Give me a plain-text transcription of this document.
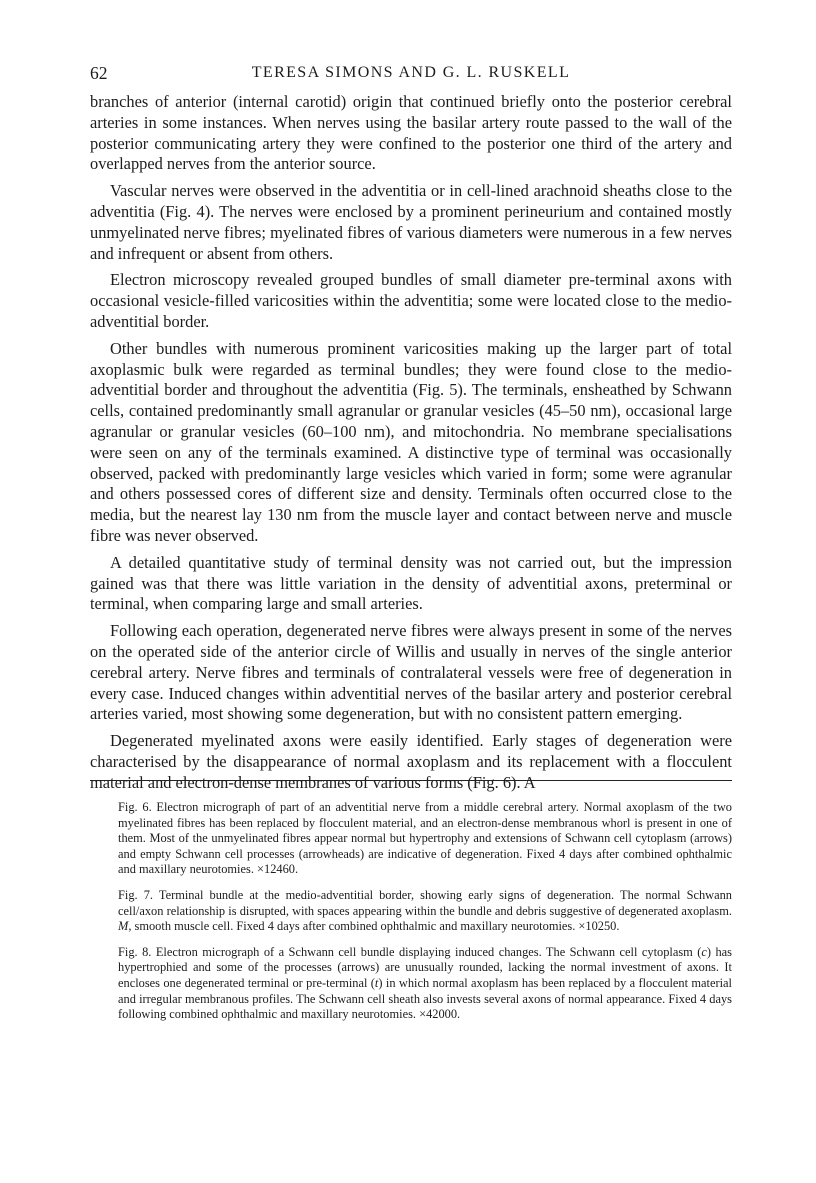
62	TERESA SIMONS AND G. L. RUSKELL

branches of anterior (internal carotid) origin that continued briefly onto the posterior cerebral arteries in some instances. When nerves using the basilar artery route passed to the wall of the posterior communicating artery they were confined to the posterior one third of the artery and overlapped nerves from the anterior source.

Vascular nerves were observed in the adventitia or in cell-lined arachnoid sheaths close to the adventitia (Fig. 4). The nerves were enclosed by a prominent perineurium and contained mostly unmyelinated nerve fibres; myelinated fibres of various diameters were numerous in a few nerves and infrequent or absent from others.

Electron microscopy revealed grouped bundles of small diameter pre-terminal axons with occasional vesicle-filled varicosities within the adventitia; some were located close to the medio-adventitial border.

Other bundles with numerous prominent varicosities making up the larger part of total axoplasmic bulk were regarded as terminal bundles; they were found close to the medio-adventitial border and throughout the adventitia (Fig. 5). The terminals, ensheathed by Schwann cells, contained predominantly small agranular or granular vesicles (45–50 nm), occasional large agranular or granular vesicles (60–100 nm), and mitochondria. No membrane specialisations were seen on any of the terminals examined. A distinctive type of terminal was occasionally observed, packed with predominantly large vesicles which varied in form; some were agranular and others possessed cores of different size and density. Terminals often occurred close to the media, but the nearest lay 130 nm from the muscle layer and contact between nerve and muscle fibre was never observed.

A detailed quantitative study of terminal density was not carried out, but the impression gained was that there was little variation in the density of adventitial axons, preterminal or terminal, when comparing large and small arteries.

Following each operation, degenerated nerve fibres were always present in some of the nerves on the operated side of the anterior circle of Willis and usually in nerves of the single anterior cerebral artery. Nerve fibres and terminals of contralateral vessels were free of degeneration in every case. Induced changes within adventitial nerves of the basilar artery and posterior cerebral arteries varied, most showing some degeneration, but with no consistent pattern emerging.

Degenerated myelinated axons were easily identified. Early stages of degeneration were characterised by the disappearance of normal axoplasm and its replacement with a flocculent material and electron-dense membranes of various forms (Fig. 6). A

Fig. 6. Electron micrograph of part of an adventitial nerve from a middle cerebral artery. Normal axoplasm of the two myelinated fibres has been replaced by flocculent material, and an electron-dense membranous whorl is present in one of them. Most of the unmyelinated fibres appear normal but hypertrophy and extensions of Schwann cell cytoplasm (arrows) and empty Schwann cell processes (arrowheads) are indicative of degeneration. Fixed 4 days after combined ophthalmic and maxillary neurotomies. ×12460.

Fig. 7. Terminal bundle at the medio-adventitial border, showing early signs of degeneration. The normal Schwann cell/axon relationship is disrupted, with spaces appearing within the bundle and debris suggestive of degenerated axoplasm. M, smooth muscle cell. Fixed 4 days after combined ophthalmic and maxillary neurotomies. ×10250.

Fig. 8. Electron micrograph of a Schwann cell bundle displaying induced changes. The Schwann cell cytoplasm (c) has hypertrophied and some of the processes (arrows) are unusually rounded, lacking the normal investment of axons. It encloses one degenerated terminal or pre-terminal (t) in which normal axoplasm has been replaced by a flocculent material and irregular membranous profiles. The Schwann cell sheath also invests several axons of normal appearance. Fixed 4 days following combined ophthalmic and maxillary neurotomies. ×42000.
